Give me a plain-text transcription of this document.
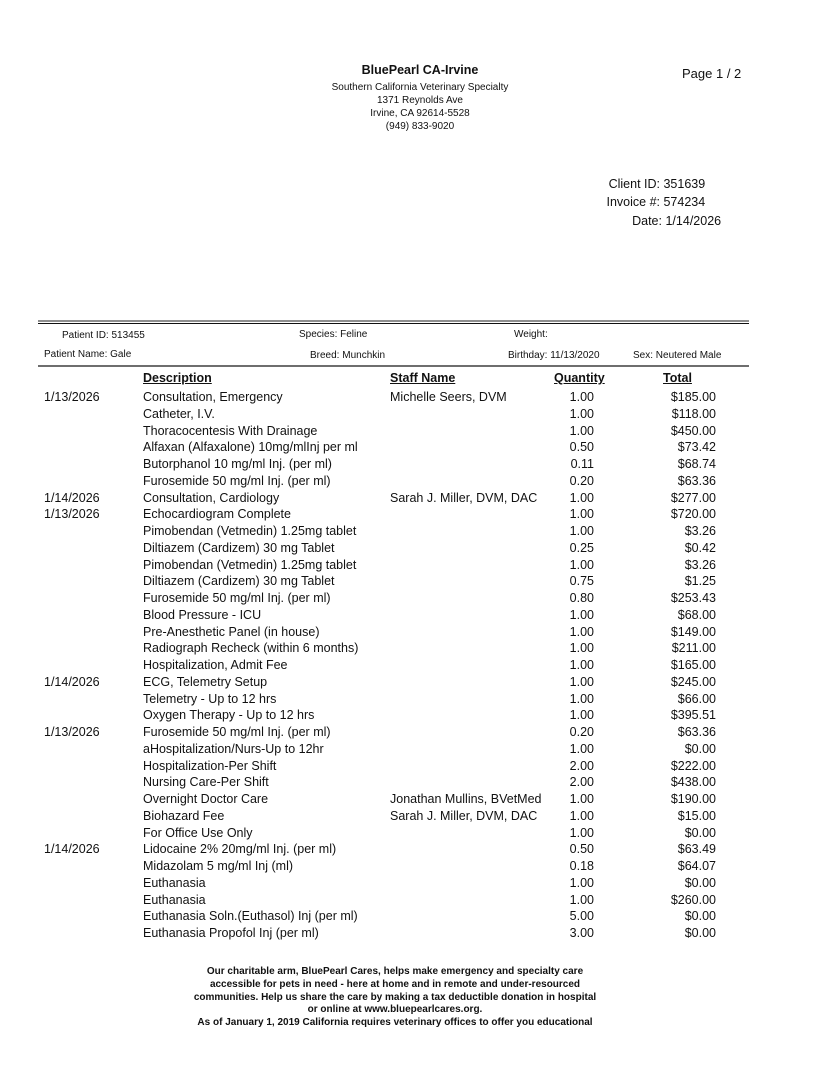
BluePearl CA-Irvine
Southern California Veterinary Specialty
1371 Reynolds Ave
Irvine, CA 92614-5528
(949) 833-9020
Page 1 / 2
Client ID: 351639
Invoice #: 574234
Date: 1/14/2026
Patient ID: 513455	Species: Feline	Weight:
Patient Name: Gale	Breed: Munchkin	Birthday: 11/13/2020	Sex: Neutered Male
Description	Staff Name	Quantity	Total
1/13/2026	Consultation, Emergency	Michelle Seers, DVM	1.00	$185.00
Catheter, I.V.	1.00	$118.00
Thoracocentesis With Drainage	1.00	$450.00
Alfaxan (Alfaxalone) 10mg/mlInj per ml	0.50	$73.42
Butorphanol 10 mg/ml Inj. (per ml)	0.11	$68.74
Furosemide 50 mg/ml Inj. (per ml)	0.20	$63.36
1/14/2026	Consultation, Cardiology	Sarah J. Miller, DVM, DAC	1.00	$277.00
1/13/2026	Echocardiogram Complete	1.00	$720.00
Pimobendan (Vetmedin) 1.25mg tablet	1.00	$3.26
Diltiazem (Cardizem) 30 mg Tablet	0.25	$0.42
Pimobendan (Vetmedin) 1.25mg tablet	1.00	$3.26
Diltiazem (Cardizem) 30 mg Tablet	0.75	$1.25
Furosemide 50 mg/ml Inj. (per ml)	0.80	$253.43
Blood Pressure - ICU	1.00	$68.00
Pre-Anesthetic Panel (in house)	1.00	$149.00
Radiograph Recheck (within 6 months)	1.00	$211.00
Hospitalization, Admit Fee	1.00	$165.00
1/14/2026	ECG, Telemetry Setup	1.00	$245.00
Telemetry - Up to 12 hrs	1.00	$66.00
Oxygen Therapy - Up to 12 hrs	1.00	$395.51
1/13/2026	Furosemide 50 mg/ml Inj. (per ml)	0.20	$63.36
aHospitalization/Nurs-Up to 12hr	1.00	$0.00
Hospitalization-Per Shift	2.00	$222.00
Nursing Care-Per Shift	2.00	$438.00
Overnight Doctor Care	Jonathan Mullins, BVetMed	1.00	$190.00
Biohazard Fee	Sarah J. Miller, DVM, DAC	1.00	$15.00
For Office Use Only	1.00	$0.00
1/14/2026	Lidocaine 2% 20mg/ml Inj. (per ml)	0.50	$63.49
Midazolam 5 mg/ml Inj (ml)	0.18	$64.07
Euthanasia	1.00	$0.00
Euthanasia	1.00	$260.00
Euthanasia Soln.(Euthasol) Inj (per ml)	5.00	$0.00
Euthanasia Propofol Inj (per ml)	3.00	$0.00
Our charitable arm, BluePearl Cares, helps make emergency and specialty care
accessible for pets in need - here at home and in remote and under-resourced
communities. Help us share the care by making a tax deductible donation in hospital
or online at www.bluepearlcares.org.
As of January 1, 2019 California requires veterinary offices to offer you educational
